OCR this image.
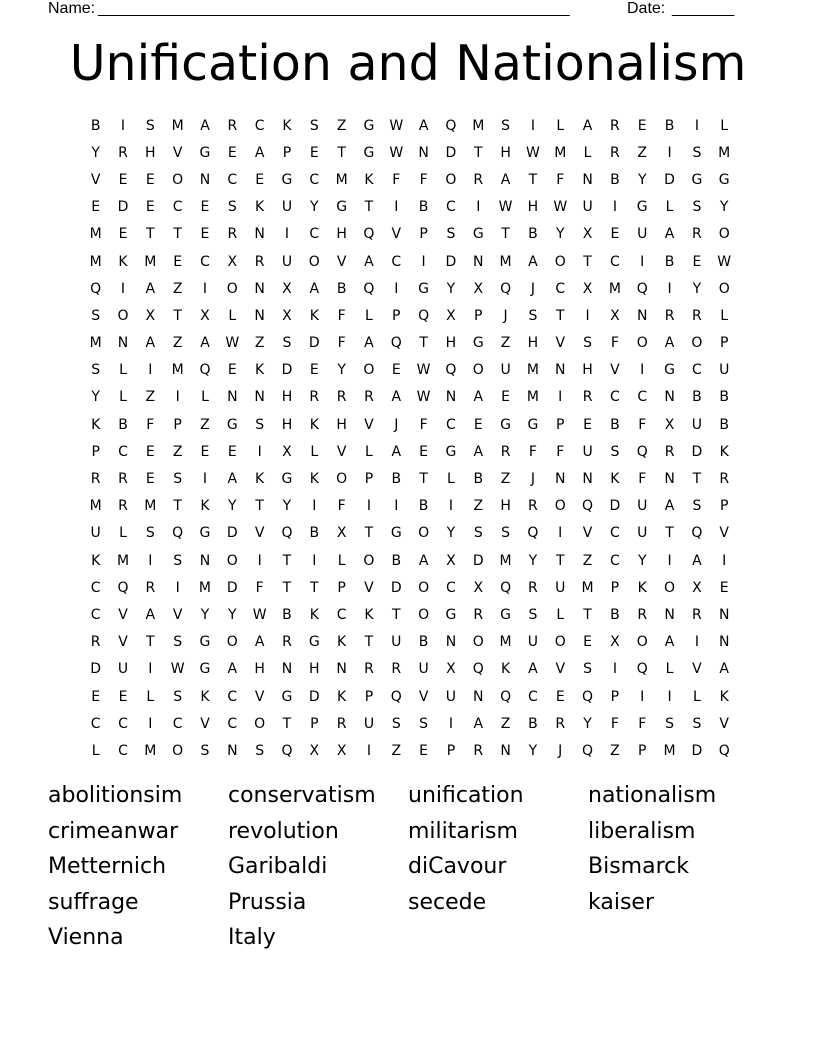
Name: _____________________________________________________	Date: _______
Unification and Nationalism
B	I	S	M	A	R	C	K	S	Z	G	W	A	Q	M	S	I	L	A	R	E	B	I	L
Y	R	H	V	G	E	A	P	E	T	G	W	N	D	T	H	W	M	L	R	Z	I	S	M
V	E	E	O	N	C	E	G	C	M	K	F	F	O	R	A	T	F	N	B	Y	D	G	G
E	D	E	C	E	S	K	U	Y	G	T	I	B	C	I	W	H	W	U	I	G	L	S	Y
M	E	T	T	E	R	N	I	C	H	Q	V	P	S	G	T	B	Y	X	E	U	A	R	O
M	K	M	E	C	X	R	U	O	V	A	C	I	D	N	M	A	O	T	C	I	B	E	W
Q	I	A	Z	I	O	N	X	A	B	Q	I	G	Y	X	Q	J	C	X	M	Q	I	Y	O
S	O	X	T	X	L	N	X	K	F	L	P	Q	X	P	J	S	T	I	X	N	R	R	L
M	N	A	Z	A	W	Z	S	D	F	A	Q	T	H	G	Z	H	V	S	F	O	A	O	P
S	L	I	M	Q	E	K	D	E	Y	O	E	W	Q	O	U	M	N	H	V	I	G	C	U
Y	L	Z	I	L	N	N	H	R	R	R	A	W	N	A	E	M	I	R	C	C	N	B	B
K	B	F	P	Z	G	S	H	K	H	V	J	F	C	E	G	G	P	E	B	F	X	U	B
P	C	E	Z	E	E	I	X	L	V	L	A	E	G	A	R	F	F	U	S	Q	R	D	K
R	R	E	S	I	A	K	G	K	O	P	B	T	L	B	Z	J	N	N	K	F	N	T	R
M	R	M	T	K	Y	T	Y	I	F	I	I	B	I	Z	H	R	O	Q	D	U	A	S	P
U	L	S	Q	G	D	V	Q	B	X	T	G	O	Y	S	S	Q	I	V	C	U	T	Q	V
K	M	I	S	N	O	I	T	I	L	O	B	A	X	D	M	Y	T	Z	C	Y	I	A	I
C	Q	R	I	M	D	F	T	T	P	V	D	O	C	X	Q	R	U	M	P	K	O	X	E
C	V	A	V	Y	Y	W	B	K	C	K	T	O	G	R	G	S	L	T	B	R	N	R	N
R	V	T	S	G	O	A	R	G	K	T	U	B	N	O	M	U	O	E	X	O	A	I	N
D	U	I	W	G	A	H	N	H	N	R	R	U	X	Q	K	A	V	S	I	Q	L	V	A
E	E	L	S	K	C	V	G	D	K	P	Q	V	U	N	Q	C	E	Q	P	I	I	L	K
C	C	I	C	V	C	O	T	P	R	U	S	S	I	A	Z	B	R	Y	F	F	S	S	V
L	C	M	O	S	N	S	Q	X	X	I	Z	E	P	R	N	Y	J	Q	Z	P	M	D	Q
abolitionsim	conservatism	unification	nationalism
crimeanwar	revolution	militarism	liberalism
Metternich	Garibaldi	diCavour	Bismarck
suffrage	Prussia	secede	kaiser
Vienna	Italy
